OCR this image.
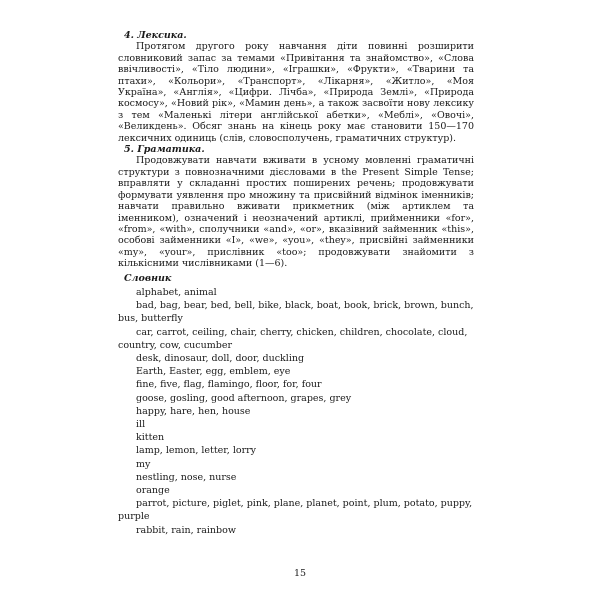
4. Лексика.

Протягом другого року навчання діти повинні розширити словниковий запас за темами «Привітання та знайомство», «Слова ввічливості», «Тіло людини», «Іграшки», «Фрукти», «Тварини та птахи», «Кольори», «Транспорт», «Лікарня», «Житло», «Моя Україна», «Англія», «Цифри. Лічба», «Природа Землі», «Природа космосу», «Новий рік», «Мамин день», а також засвоїти нову лексику з тем «Маленькі літери англійської абетки», «Меблі», «Овочі», «Великдень». Обсяг знань на кінець року має становити 150—170 лексичних одиниць (слів, словосполучень, граматичних структур).

5. Граматика.

Продовжувати навчати вживати в усному мовленні граматичні структури з повнозначними дієсловами в the Present Simple Tense; вправляти у складанні простих поширених речень; продовжувати формувати уявлення про множину та присвійний відмінок іменників; навчати правильно вживати прикметник (між артиклем та іменником), означений і неозначений артиклі, прийменники «for», «from», «with», сполучники «and», «or», вказівний займенник «this», особові займенники «I», «we», «you», «they», присвійні займенники «my», «your», прислівник «too»; продовжувати знайомити з кількісними числівниками (1—6).

Словник

alphabet, animal

bad, bag, bear, bed, bell, bike, black, boat, book, brick, brown, bunch, bus, butterfly

car, carrot, ceiling, chair, cherry, chicken, children, chocolate, cloud, country, cow, cucumber

desk, dinosaur, doll, door, duckling

Earth, Easter, egg, emblem, eye

fine, five, flag, flamingo, floor, for, four

goose, gosling, good afternoon, grapes, grey

happy, hare, hen, house

ill

kitten

lamp, lemon, letter, lorry

my

nestling, nose, nurse

orange

parrot, picture, piglet, pink, plane, planet, point, plum, potato, puppy, purple

rabbit, rain, rainbow

15
